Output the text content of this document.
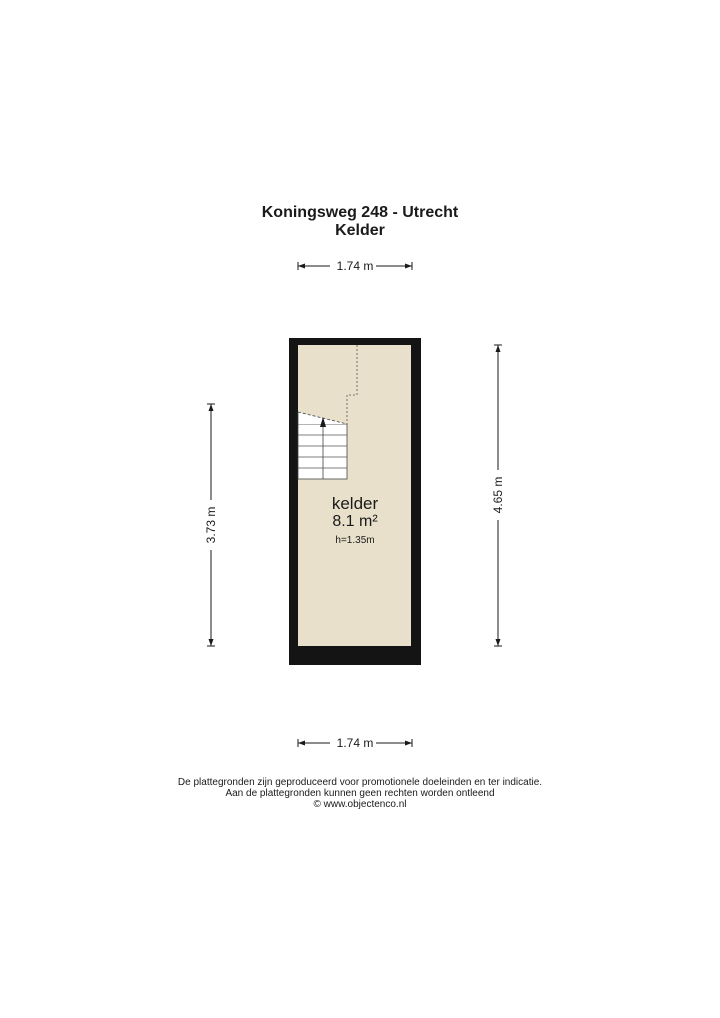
Koningsweg 248 - Utrecht
Kelder
1.74 m
1.74 m
3.73 m
4.65 m
kelder
8.1 m²
h=1.35m
De plattegronden zijn geproduceerd voor promotionele doeleinden en ter indicatie.
Aan de plattegronden kunnen geen rechten worden ontleend
© www.objectenco.nl
